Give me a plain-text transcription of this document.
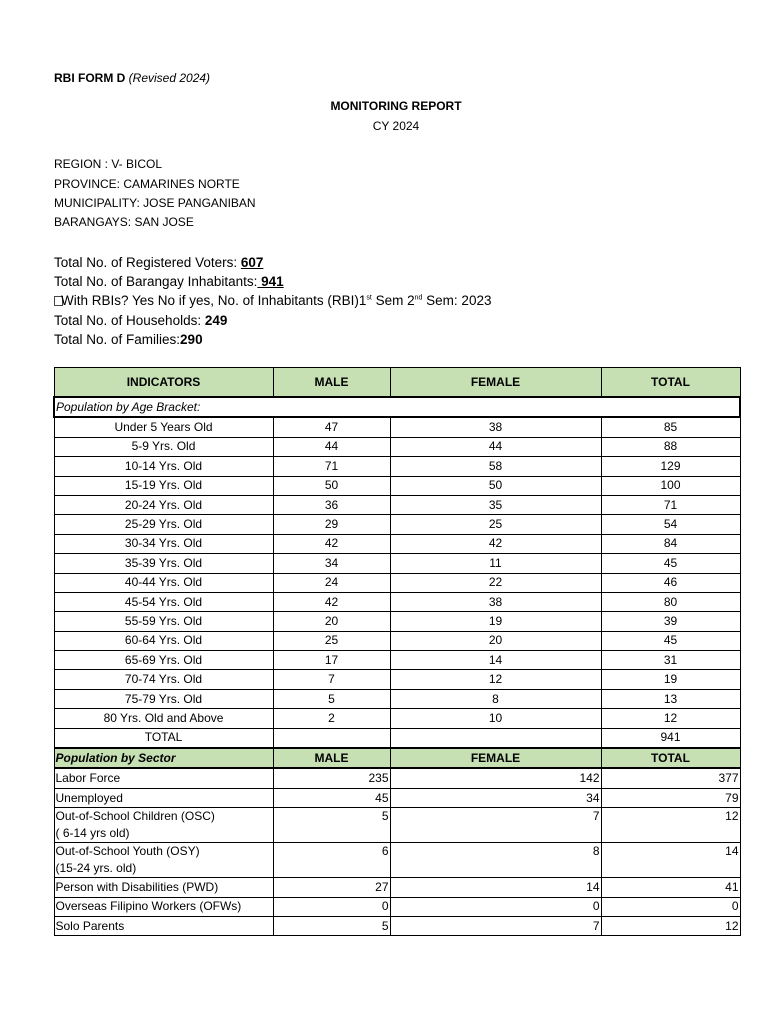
RBI FORM D (Revised 2024)
MONITORING REPORT
CY 2024
REGION : V- BICOL
PROVINCE: CAMARINES NORTE
MUNICIPALITY: JOSE PANGANIBAN
BARANGAYS: SAN JOSE
Total No. of Registered Voters: 607
Total No. of Barangay Inhabitants: 941
With RBIs? Yes No if yes, No. of Inhabitants (RBI)1st Sem 2nd Sem: 2023
Total No. of Households: 249
Total No. of Families:290
INDICATORS	MALE	FEMALE	TOTAL
Population by Age Bracket:			
Under 5 Years Old	47	38	85
5-9 Yrs. Old	44	44	88
10-14 Yrs. Old	71	58	129
15-19 Yrs. Old	50	50	100
20-24 Yrs. Old	36	35	71
25-29 Yrs. Old	29	25	54
30-34 Yrs. Old	42	42	84
35-39 Yrs. Old	34	11	45
40-44 Yrs. Old	24	22	46
45-54 Yrs. Old	42	38	80
55-59 Yrs. Old	20	19	39
60-64 Yrs. Old	25	20	45
65-69 Yrs. Old	17	14	31
70-74 Yrs. Old	7	12	19
75-79 Yrs. Old	5	8	13
80 Yrs. Old and Above	2	10	12
TOTAL			941
Population by Sector	MALE	FEMALE	TOTAL

Labor Force	235	142	377

Unemployed	45	34	79

Out-of-School Children (OSC)
( 6-14 yrs old)	5	7	12

Out-of-School Youth (OSY)
(15-24 yrs. old)	6	8	14

Person with Disabilities (PWD)	27	14	41

Overseas Filipino Workers (OFWs)	0	0	0

Solo Parents	5	7	12
